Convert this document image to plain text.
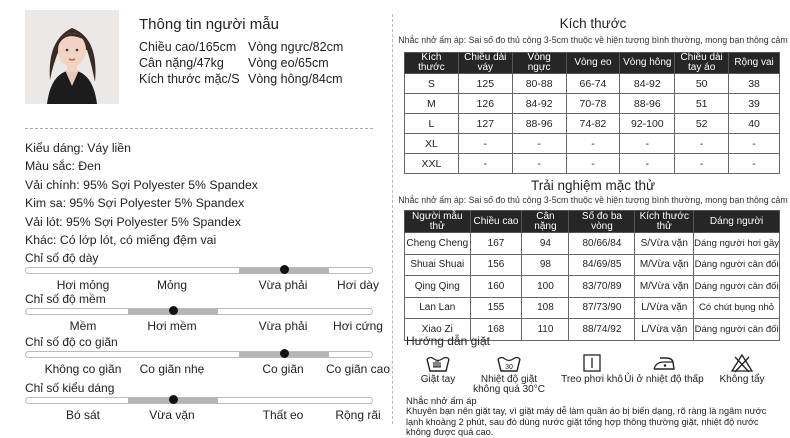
Thông tin người mẫu
Chiều cao/165cm Vòng ngực/82cm
Cân nặng/47kg Vòng eo/65cm
Kích thước mặc/S Vòng hông/84cm
Kiểu dáng: Váy liền
Màu sắc: Đen
Vải chính: 95% Sợi Polyester 5% Spandex
Kim sa: 95% Sợi Polyester 5% Spandex
Vải lót: 95% Sợi Polyester 5% Spandex
Khác: Có lớp lót, có miếng đệm vai
Chỉ số độ dày
Hơi mỏng	Mỏng	Vừa phải Hơi dày
Chỉ số độ mềm
Mềm	Hơi mềm	Vừa phải Hơi cứng
Chỉ số độ co giãn
Không co giãn Co giãn nhẹ	Co giãn Co giãn cao
Chỉ số kiểu dáng
Bó sát	Vừa vặn	Thất eo	Rộng rãi
Kích thước
Nhắc nhở ấm áp: Sai số đo thủ công 3-5cm thuộc về hiện tượng bình thường, mong bạn thông cảm
Kích thước	Chiều dài váy	Vòng ngực	Vòng eo	Vòng hông	Chiều dài tay áo	Rộng vai
S	125	80-88	66-74	84-92	50	38
M	126	84-92	70-78	88-96	51	39
L	127	88-96	74-82	92-100	52	40
XL	-	-	-	-	-	-
XXL	-	-	-	-	-	-
Trải nghiệm mặc thử
Nhắc nhở ấm áp: Sai số đo thủ công 3-5cm thuộc về hiện tượng bình thường, mong bạn thông cảm
Người mẫu thử	Chiều cao	Cân nặng	Số đo ba vòng	Kích thước thử	Dáng người
Cheng Cheng	167	94	80/66/84	S/Vừa vặn	Dáng người hơi gầy
Shuai Shuai	156	98	84/69/85	M/Vừa vặn	Dáng người cân đối
Qing Qing	160	100	83/70/89	M/Vừa vặn	Dáng người cân đối
Lan Lan	155	108	87/73/90	L/Vừa vặn	Có chút bụng nhỏ
Xiao Zi	168	110	88/74/92	L/Vừa vặn	Dáng người cân đối
Hướng dẫn giặt
Giặt tay
30
Nhiệt độ giặt không quá 30°C
Treo phơi khô Ủi ở nhiệt độ thấp	Không tẩy
Nhắc nhở ấm áp
Khuyên bạn nên giặt tay, vì giặt máy dễ làm quần áo bị biến dạng, rõ ràng là ngâm nước lạnh khoảng 2 phút, sau đó dùng nước giặt tổng hợp thông thường giặt, nhiệt độ nước không được quá cao.
